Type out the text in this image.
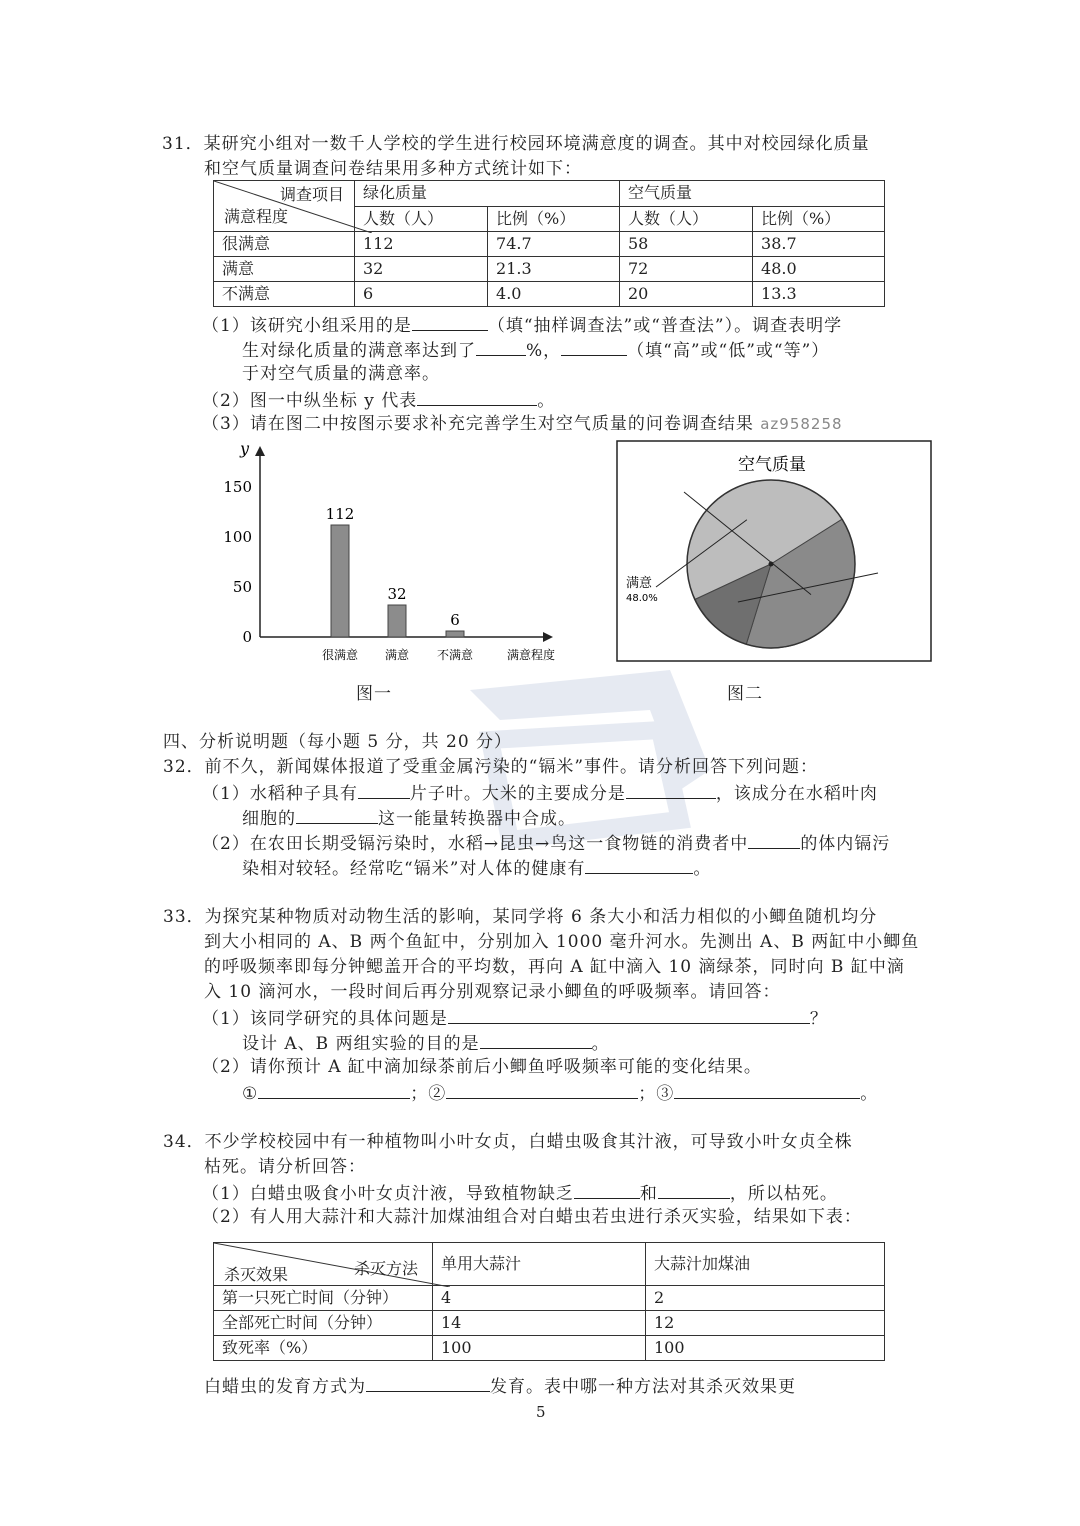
31．某研究小组对一数千人学校的学生进行校园环境满意度的调查。其中对校园绿化质量
和空气质量调查问卷结果用多种方式统计如下：
调查项目
满意程度	绿化质量		空气质量	
	人数（人）	比例（%）	人数（人）	比例（%）
很满意	112	74.7	58	38.7
满意	32	21.3	72	48.0
不满意	6	4.0	20	13.3
（1）该研究小组采用的是	（填“抽样调查法”或“普查法”）。调查表明学
生对绿化质量的满意率达到了	%，	（填“高”或“低”或“等”）
于对空气质量的满意率。
（2）图一中纵坐标 y 代表	。
（3）请在图二中按图示要求补充完善学生对空气质量的问卷调查结果 az958258
y
0
50
100
150
112
很满意
32
满意
6
不满意	满意程度
图一
空气质量
满意
48.0%
图二
四、分析说明题（每小题 5 分，共 20 分）
32．前不久，新闻媒体报道了受重金属污染的“镉米”事件。请分析回答下列问题：
（1）水稻种子具有	片子叶。大米的主要成分是	，该成分在水稻叶肉
细胞的	这一能量转换器中合成。
（2）在农田长期受镉污染时，水稻→昆虫→鸟这一食物链的消费者中	的体内镉污
染相对较轻。经常吃“镉米”对人体的健康有	。
33．为探究某种物质对动物生活的影响，某同学将 6 条大小和活力相似的小鲫鱼随机均分
到大小相同的 A、B 两个鱼缸中，分别加入 1000 毫升河水。先测出 A、B 两缸中小鲫鱼
的呼吸频率即每分钟鳃盖开合的平均数，再向 A 缸中滴入 10 滴绿茶，同时向 B 缸中滴
入 10 滴河水，一段时间后再分别观察记录小鲫鱼的呼吸频率。请回答：
（1）该同学研究的具体问题是	？
设计 A、B 两组实验的目的是	。
（2）请你预计 A 缸中滴加绿茶前后小鲫鱼呼吸频率可能的变化结果。
①	；②	；③	。
34．不少学校校园中有一种植物叫小叶女贞，白蜡虫吸食其汁液，可导致小叶女贞全株
枯死。请分析回答：
（1）白蜡虫吸食小叶女贞汁液，导致植物缺乏	和	，所以枯死。
（2）有人用大蒜汁和大蒜汁加煤油组合对白蜡虫若虫进行杀灭实验，结果如下表：
杀灭方法
杀灭效果	单用大蒜汁	大蒜汁加煤油
第一只死亡时间（分钟）	4	2
全部死亡时间（分钟）	14	12
致死率（%）	100	100
白蜡虫的发育方式为	发育。表中哪一种方法对其杀灭效果更
5
